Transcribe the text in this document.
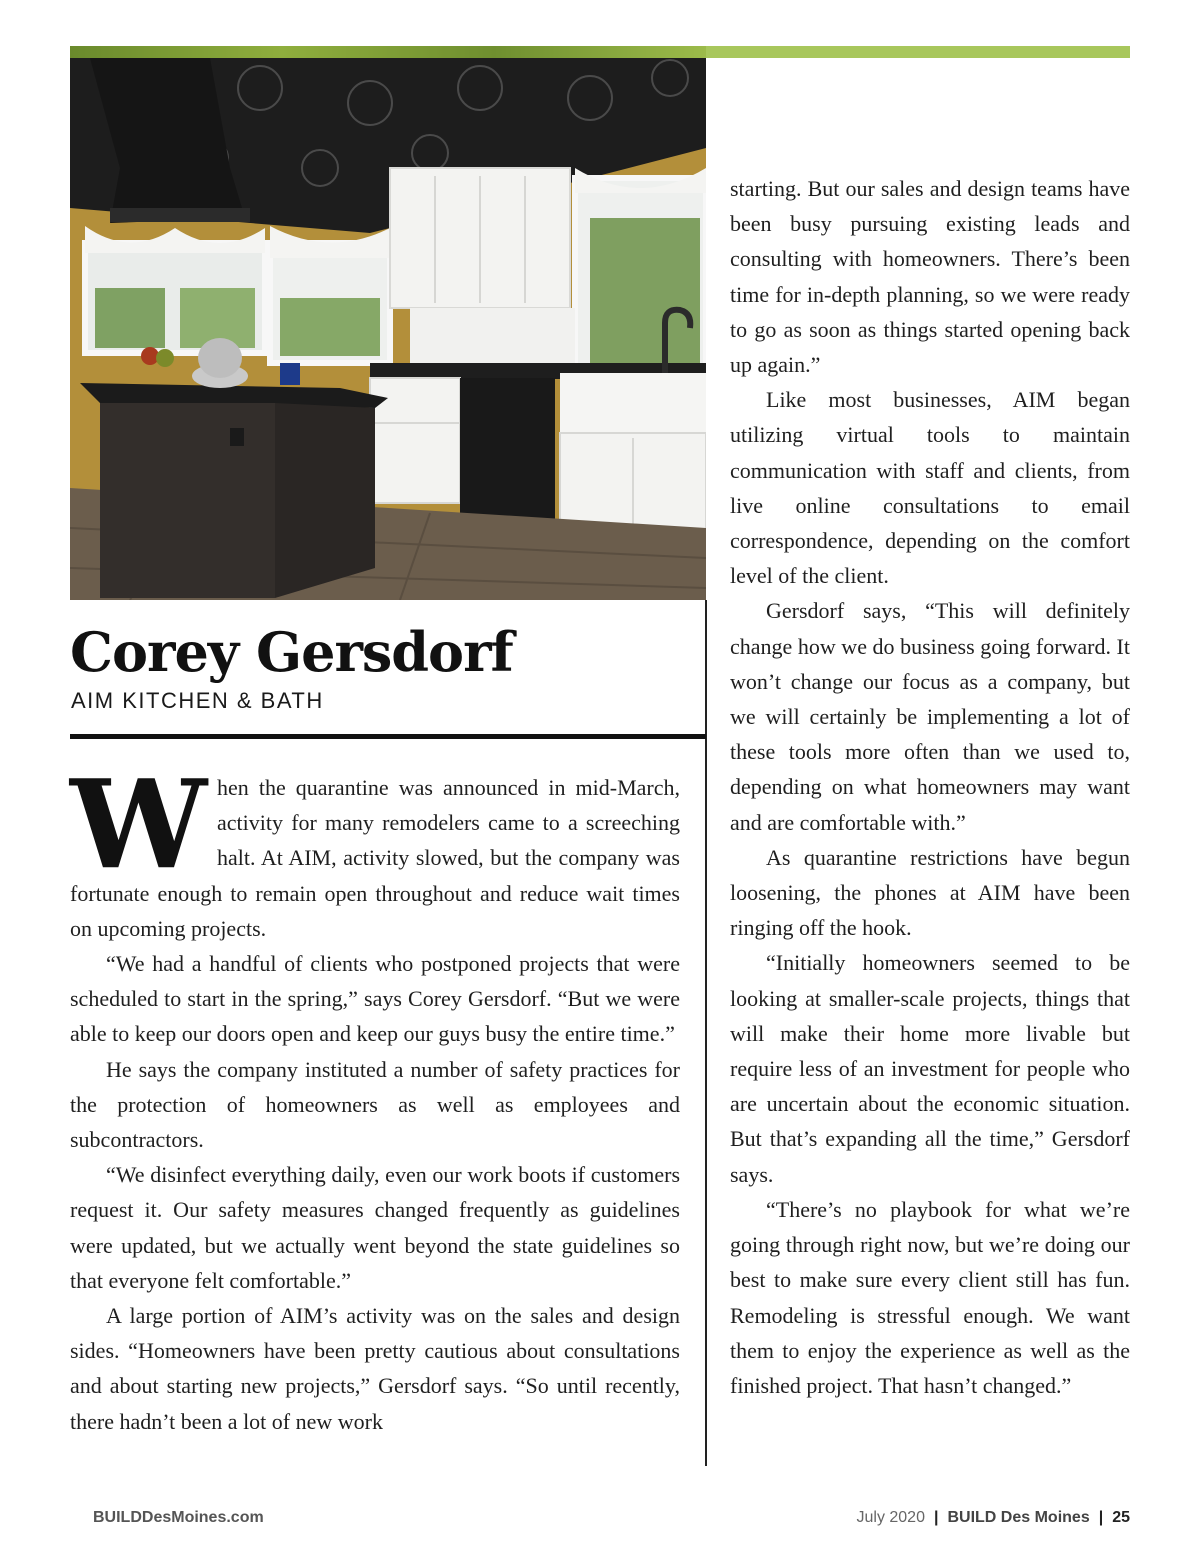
Corey Gersdorf

AIM KITCHEN & BATH

When the quarantine was announced in mid-March, activity for many remodelers came to a screeching halt. At AIM, activity slowed, but the company was fortunate enough to remain open throughout and reduce wait times on upcoming projects.

“We had a handful of clients who postponed projects that were scheduled to start in the spring,” says Corey Gersdorf. “But we were able to keep our doors open and keep our guys busy the entire time.”

He says the company instituted a number of safety practices for the protection of homeowners as well as employees and subcontractors.

“We disinfect everything daily, even our work boots if customers request it. Our safety measures changed frequently as guidelines were updated, but we actually went beyond the state guidelines so that everyone felt comfortable.”

A large portion of AIM’s activity was on the sales and design sides. “Homeowners have been pretty cautious about consultations and about starting new projects,” Gersdorf says. “So until recently, there hadn’t been a lot of new work

starting. But our sales and design teams have been busy pursuing existing leads and consulting with homeowners. There’s been time for in-depth planning, so we were ready to go as soon as things started opening back up again.”

Like most businesses, AIM began utilizing virtual tools to maintain communication with staff and clients, from live online consultations to email correspondence, depending on the comfort level of the client.

Gersdorf says, “This will definitely change how we do business going forward. It won’t change our focus as a company, but we will certainly be implementing a lot of these tools more often than we used to, depending on what homeowners may want and are comfortable with.”

As quarantine restrictions have begun loosening, the phones at AIM have been ringing off the hook.

“Initially homeowners seemed to be looking at smaller-scale projects, things that will make their home more livable but require less of an investment for people who are uncertain about the economic situation. But that’s expanding all the time,” Gersdorf says.

“There’s no playbook for what we’re going through right now, but we’re doing our best to make sure every client still has fun. Remodeling is stressful enough. We want them to enjoy the experience as well as the finished project. That hasn’t changed.”

BUILDDesMoines.com	July 2020 | BUILD Des Moines | 25
